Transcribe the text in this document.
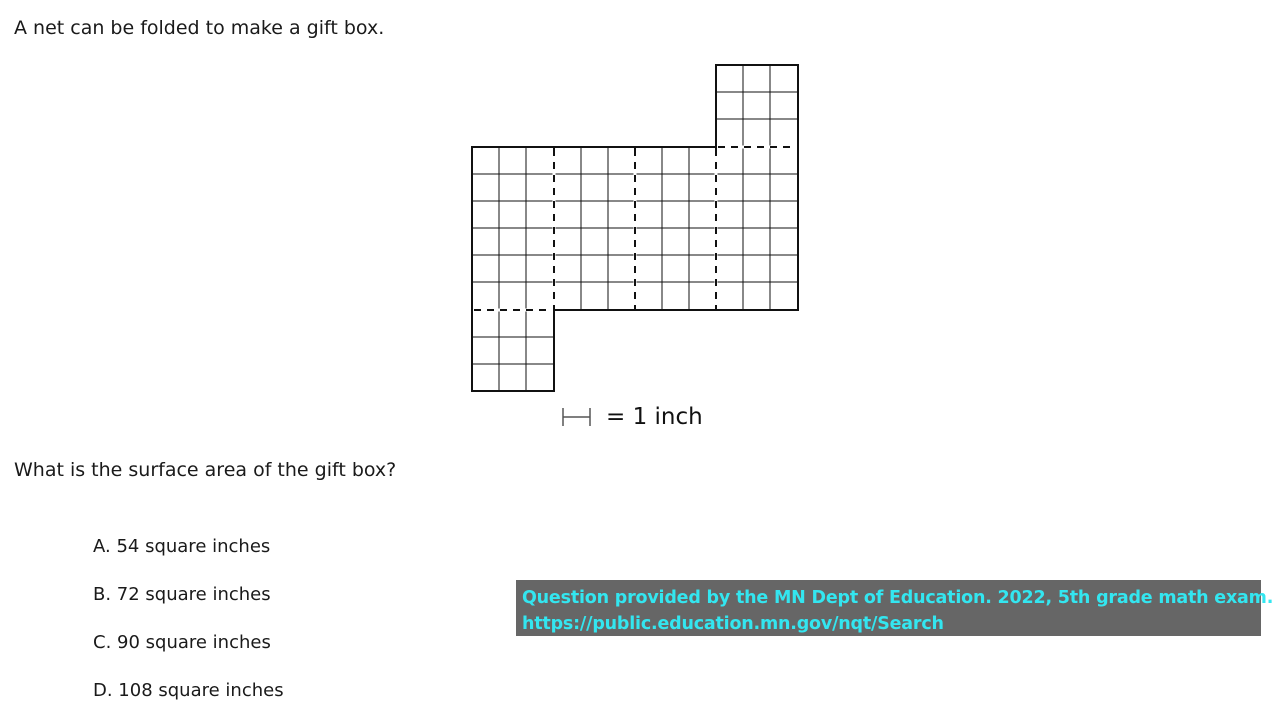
A net can be folded to make a gift box.
= 1 inch
What is the surface area of the gift box?
A. 54 square inches
B. 72 square inches
C. 90 square inches
D. 108 square inches
Question provided by the MN Dept of Education. 2022, 5th grade math exam.
https://public.education.mn.gov/nqt/Search
